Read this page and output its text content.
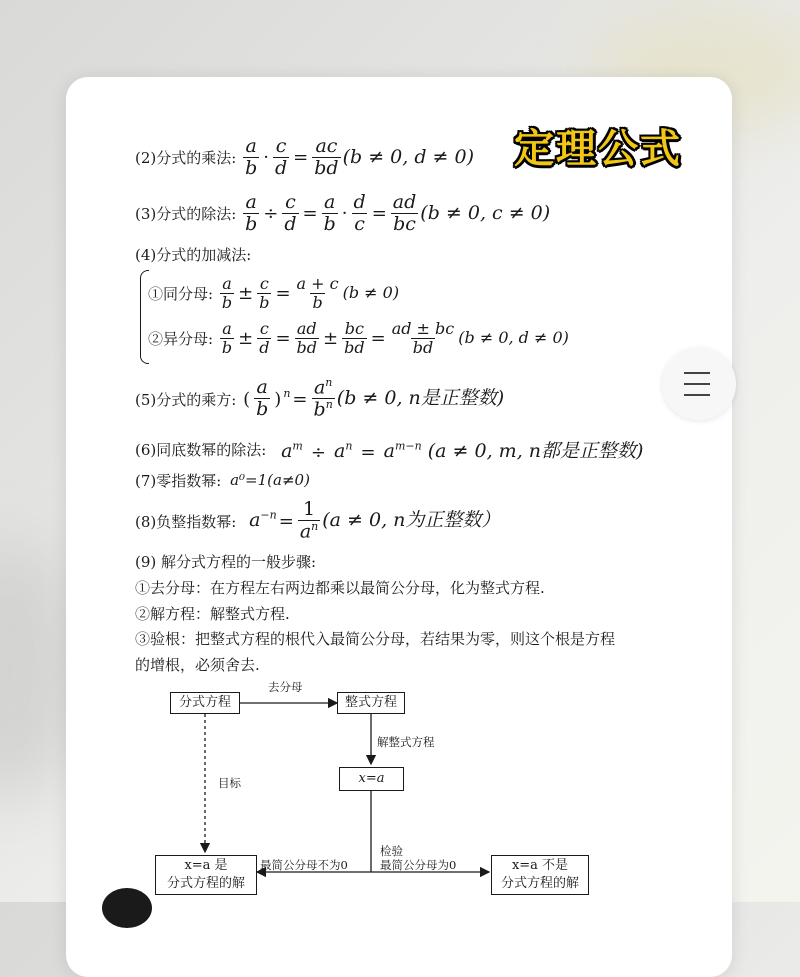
定理公式
(2)分式的乘法: $\frac{a}{b} \cdot \frac{c}{d} = \frac{ac}{bd} (b \ne 0$, d ≠ 0)
(3)分式的除法: $\frac{a}{b} \div \frac{c}{d} = \frac{a}{b} \cdot \frac{d}{c} = \frac{ad}{bc} (b \ne 0$, c ≠ 0)
(4)分式的加减法:
①同分母: $\frac{a}{b} \pm \frac{c}{b} = \frac{a + c}{b} (b \ne 0)$
②异分母: $\frac{a}{b} \pm \frac{c}{d} = \frac{ad}{bd} \pm \frac{bc}{bd} = \frac{ad \pm bc}{bd} (b \ne 0$, d ≠ 0)
(5)分式的乘方: ( $\frac{a}{b}$ ) $^n = \frac{a^n}{b^n} (b \ne 0$, n是正整数)
(6)同底数幂的除法: $a^m \div a^n = a^{m-n}$ (a ≠ 0, m, n都是正整数)
(7)零指数幂: a⁰=1(a≠0)
(8)负整指数幂: $a^{-n} = \frac{1}{a^n} (a \ne 0$, n为正整数）
(9) 解分式方程的一般步骤:
①去分母：在方程左右两边都乘以最简公分母，化为整式方程.
②解方程：解整式方程.
③验根：把整式方程的根代入最简公分母，若结果为零，则这个根是方程
的增根，必须舍去.
分式方程	整式方程
x=a
x=a 是
分式方程的解
x=a 不是
分式方程的解
去分母
解整式方程
目标
检验
最简公分母不为0	最简公分母为0
